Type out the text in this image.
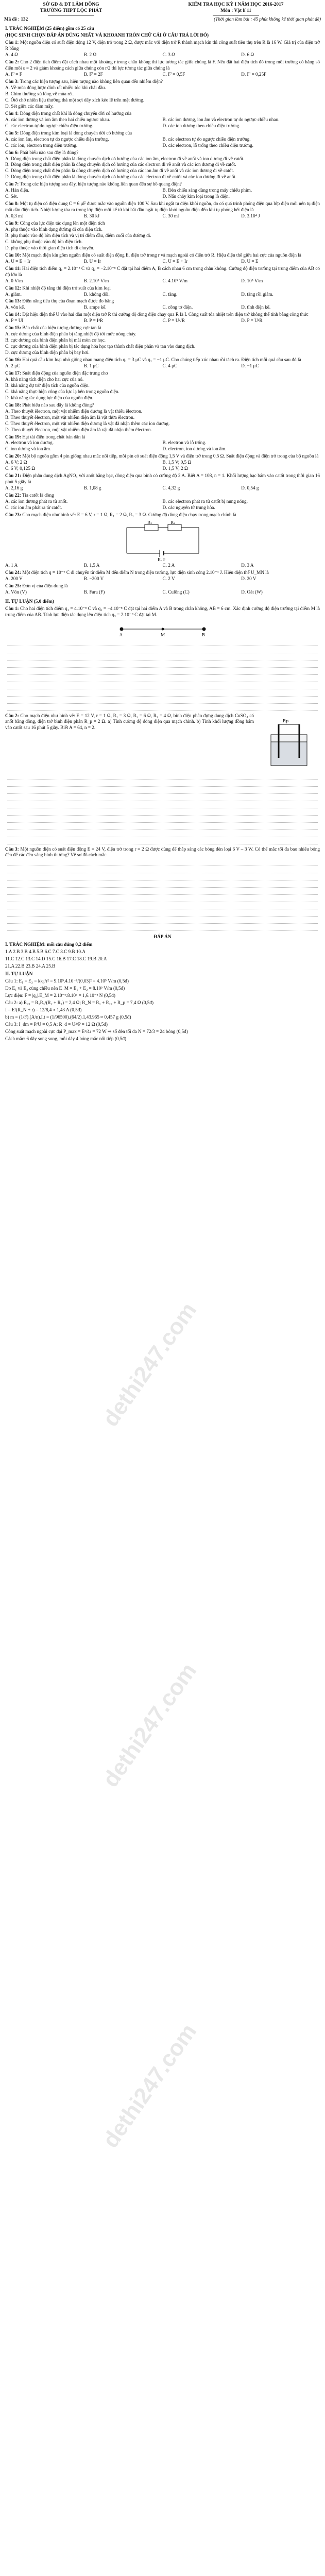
dethi247.com
dethi247.com
dethi247.com
SỞ GD & ĐT LÂM ĐỒNG
TRƯỜNG THPT LỘC PHÁT
KIỂM TRA HỌC KỲ I NĂM HỌC 2016-2017
Môn : Vật lí 11
Mã đề : 132	(Thời gian làm bài : 45 phút không kể thời gian phát đề)
I. TRẮC NGHIỆM (25 điểm) gồm có 25 câu
(HỌC SINH CHỌN ĐÁP ÁN ĐÚNG NHẤT VÀ KHOANH TRÒN CHỮ CÁI Ở CÂU TRẢ LỜI ĐÓ)
Câu 1: Một nguồn điện có suất điện động 12 V, điện trở trong 2 Ω, được mắc với điện trở R thành mạch kín thì công suất tiêu thụ trên R là 16 W. Giá trị của điện trở R bằng
A. 4 Ω	B. 2 Ω	C. 3 Ω	D. 6 Ω
Câu 2: Cho 2 điện tích điểm đặt cách nhau một khoảng r trong chân không thì lực tương tác giữa chúng là F. Nếu đặt hai điện tích đó trong môi trường có hằng số điện môi ε = 2 và giảm khoảng cách giữa chúng còn r/2 thì lực tương tác giữa chúng là
A. F' = F	B. F' = 2F	C. F' = 0,5F	D. F' = 0,25F
Câu 3: Trong các hiện tượng sau, hiện tượng nào không liên quan đến nhiễm điện?
A. Về mùa đông lược dính rất nhiều tóc khi chải đầu.
B. Chim thường xù lông về mùa rét.
C. Ôtô chở nhiên liệu thường thả một sợi dây xích kéo lê trên mặt đường.
D. Sét giữa các đám mây.
Câu 4: Dòng điện trong chất khí là dòng chuyển dời có hướng của
A. các ion dương và ion âm theo hai chiều ngược nhau.	B. các ion dương, ion âm và electron tự do ngược chiều nhau.
C. các electron tự do ngược chiều điện trường.	D. các ion dương theo chiều điện trường.
Câu 5: Dòng điện trong kim loại là dòng chuyển dời có hướng của
A. các ion âm, electron tự do ngược chiều điện trường.	B. các electron tự do ngược chiều điện trường.
C. các ion, electron trong điện trường.	D. các electron, lỗ trống theo chiều điện trường.
Câu 6: Phát biểu nào sau đây là đúng?
A. Dòng điện trong chất điện phân là dòng chuyển dịch có hướng của các ion âm, electron đi về anốt và ion dương đi về catốt.
B. Dòng điện trong chất điện phân là dòng chuyển dịch có hướng của các electron đi về anốt và các ion dương đi về catốt.
C. Dòng điện trong chất điện phân là dòng chuyển dịch có hướng của các ion âm đi về anốt và các ion dương đi về catốt.
D. Dòng điện trong chất điện phân là dòng chuyển dịch có hướng của các electron đi về catốt và các ion dương đi về anốt.
Câu 7: Trong các hiện tượng sau đây, hiện tượng nào không liên quan đến sự hồ quang điện?
A. Hàn điện.	B. Đèn chiếu sáng dùng trong máy chiếu phim.
C. Sét.	D. Nấu chảy kim loại trong lò điện.
Câu 8: Một tụ điện có điện dung C = 6 μF được mắc vào nguồn điện 100 V. Sau khi ngắt tụ điện khỏi nguồn, do có quá trình phóng điện qua lớp điện môi nên tụ điện mất dần điện tích. Nhiệt lượng tỏa ra trong lớp điện môi kể từ khi bắt đầu ngắt tụ điện khỏi nguồn điện đến khi tụ phóng hết điện là
A. 0,3 mJ	B. 30 kJ	C. 30 mJ	D. 3.10⁴ J
Câu 9: Công của lực điện tác dụng lên một điện tích
A. phụ thuộc vào hình dạng đường đi của điện tích.
B. phụ thuộc vào độ lớn điện tích và vị trí điểm đầu, điểm cuối của đường đi.
C. không phụ thuộc vào độ lớn điện tích.
D. phụ thuộc vào thời gian điện tích di chuyển.
Câu 10: Một mạch điện kín gồm nguồn điện có suất điện động E, điện trở trong r và mạch ngoài có điện trở R. Hiệu điện thế giữa hai cực của nguồn điện là
A. U = E − Ir	B. U = Ir	C. U = E + Ir	D. U = E
Câu 11: Hai điện tích điểm q₁ = 2.10⁻⁸ C và q₂ = −2.10⁻⁸ C đặt tại hai điểm A, B cách nhau 6 cm trong chân không. Cường độ điện trường tại trung điểm của AB có độ lớn là
A. 0 V/m	B. 2.10⁵ V/m	C. 4.10⁵ V/m	D. 10⁵ V/m
Câu 12: Khi nhiệt độ tăng thì điện trở suất của kim loại
A. giảm.	B. không đổi.	C. tăng.	D. tăng rồi giảm.
Câu 13: Điện năng tiêu thụ của đoạn mạch được đo bằng
A. vôn kế.	B. ampe kế.	C. công tơ điện.	D. tĩnh điện kế.
Câu 14: Đặt hiệu điện thế U vào hai đầu một điện trở R thì cường độ dòng điện chạy qua R là I. Công suất tỏa nhiệt trên điện trở không thể tính bằng công thức
A. P = UI	B. P = I²R	C. P = U²/R	D. P = U²R
Câu 15: Bản chất của hiện tượng dương cực tan là
A. cực dương của bình điện phân bị tăng nhiệt độ tới mức nóng chảy.
B. cực dương của bình điện phân bị mài mòn cơ học.
C. cực dương của bình điện phân bị tác dụng hóa học tạo thành chất điện phân và tan vào dung dịch.
D. cực dương của bình điện phân bị bay hơi.
Câu 16: Hai quả cầu kim loại nhỏ giống nhau mang điện tích q₁ = 3 μC và q₂ = −1 μC. Cho chúng tiếp xúc nhau rồi tách ra. Điện tích mỗi quả cầu sau đó là
A. 2 μC	B. 1 μC	C. 4 μC	D. −1 μC
Câu 17: Suất điện động của nguồn điện đặc trưng cho
A. khả năng tích điện cho hai cực của nó.
B. khả năng dự trữ điện tích của nguồn điện.
C. khả năng thực hiện công của lực lạ bên trong nguồn điện.
D. khả năng tác dụng lực điện của nguồn điện.
Câu 18: Phát biểu nào sau đây là không đúng?
A. Theo thuyết êlectron, một vật nhiễm điện dương là vật thiếu êlectron.
B. Theo thuyết êlectron, một vật nhiễm điện âm là vật thừa êlectron.
C. Theo thuyết êlectron, một vật nhiễm điện dương là vật đã nhận thêm các ion dương.
D. Theo thuyết êlectron, một vật nhiễm điện âm là vật đã nhận thêm êlectron.
Câu 19: Hạt tải điện trong chất bán dẫn là
A. electron và ion dương.	B. electron và lỗ trống.
C. ion dương và ion âm.	D. electron, ion dương và ion âm.
Câu 20: Một bộ nguồn gồm 4 pin giống nhau mắc nối tiếp, mỗi pin có suất điện động 1,5 V và điện trở trong 0,5 Ω. Suất điện động và điện trở trong của bộ nguồn là
A. 6 V; 2 Ω	B. 1,5 V; 0,5 Ω
C. 6 V; 0,125 Ω	D. 1,5 V; 2 Ω
Câu 21: Điện phân dung dịch AgNO₃ với anốt bằng bạc, dòng điện qua bình có cường độ 2 A. Biết A = 108, n = 1. Khối lượng bạc bám vào catốt trong thời gian 16 phút 5 giây là
A. 2,16 g	B. 1,08 g	C. 4,32 g	D. 0,54 g
Câu 22: Tia catốt là dòng
A. các ion dương phát ra từ anốt.	B. các electron phát ra từ catốt bị nung nóng.
C. các ion âm phát ra từ catốt.	D. các nguyên tử trung hòa.
Câu 23: Cho mạch điện như hình vẽ: E = 6 V, r = 1 Ω, R₁ = 2 Ω, R₂ = 3 Ω. Cường độ dòng điện chạy trong mạch chính là
R₁	R₂
E, r
A. 1 A	B. 1,5 A	C. 2 A	D. 3 A
Câu 24: Một điện tích q = 10⁻⁶ C di chuyển từ điểm M đến điểm N trong điện trường, lực điện sinh công 2.10⁻⁴ J. Hiệu điện thế U_MN là
A. 200 V	B. −200 V	C. 2 V	D. 20 V
Câu 25: Đơn vị của điện dung là
A. Vôn (V)	B. Fara (F)	C. Culông (C)	D. Oát (W)
II. TỰ LUẬN (5,0 điểm)
Câu 1: Cho hai điện tích điểm q₁ = 4.10⁻⁸ C và q₂ = −4.10⁻⁸ C đặt tại hai điểm A và B trong chân không, AB = 6 cm. Xác định cường độ điện trường tại điểm M là trung điểm của AB. Tính lực điện tác dụng lên điện tích q₃ = 2.10⁻⁹ C đặt tại M.
A	M	B
Rp
Câu 2: Cho mạch điện như hình vẽ: E = 12 V, r = 1 Ω, R₁ = 3 Ω, R₂ = 6 Ω, R₃ = 4 Ω, bình điện phân đựng dung dịch CuSO₄ có anốt bằng đồng, điện trở bình điện phân R_p = 2 Ω. a) Tính cường độ dòng điện qua mạch chính. b) Tính khối lượng đồng bám vào catốt sau 16 phút 5 giây. Biết A = 64, n = 2.
Câu 3: Một nguồn điện có suất điện động E = 24 V, điện trở trong r = 2 Ω được dùng để thắp sáng các bóng đèn loại 6 V – 3 W. Có thể mắc tối đa bao nhiêu bóng đèn để các đèn sáng bình thường? Vẽ sơ đồ cách mắc.
ĐÁP ÁN
I. TRẮC NGHIỆM: mỗi câu đúng 0,2 điểm
1.A 2.B 3.B 4.B 5.B 6.C 7.C 8.C 9.B 10.A
11.C 12.C 13.C 14.D 15.C 16.B 17.C 18.C 19.B 20.A
21.A 22.B 23.B 24.A 25.B
II. TỰ LUẬN
Câu 1: E₁ = E₂ = k|q|/r² = 9.10⁹.4.10⁻⁸/(0,03)² = 4.10⁵ V/m (0,5đ)
Do E₁ và E₂ cùng chiều nên E_M = E₁ + E₂ = 8.10⁵ V/m (0,5đ)
Lực điện: F = |q₃|.E_M = 2.10⁻⁹.8.10⁵ = 1,6.10⁻³ N (0,5đ)
Câu 2: a) R₂₃ = R₂R₃/(R₂ + R₃) = 2,4 Ω; R_N = R₁ + R₂₃ + R_p = 7,4 Ω (0,5đ)
I = E/(R_N + r) = 12/8,4 ≈ 1,43 A (0,5đ)
b) m = (1/F).(A/n).I.t = (1/96500).(64/2).1,43.965 ≈ 0,457 g (0,5đ)
Câu 3: I_đm = P/U = 0,5 A; R_đ = U²/P = 12 Ω (0,5đ)
Công suất mạch ngoài cực đại P_max = E²/4r = 72 W ⇒ số đèn tối đa N = 72/3 = 24 bóng (0,5đ)
Cách mắc: 6 dãy song song, mỗi dãy 4 bóng mắc nối tiếp (0,5đ)
